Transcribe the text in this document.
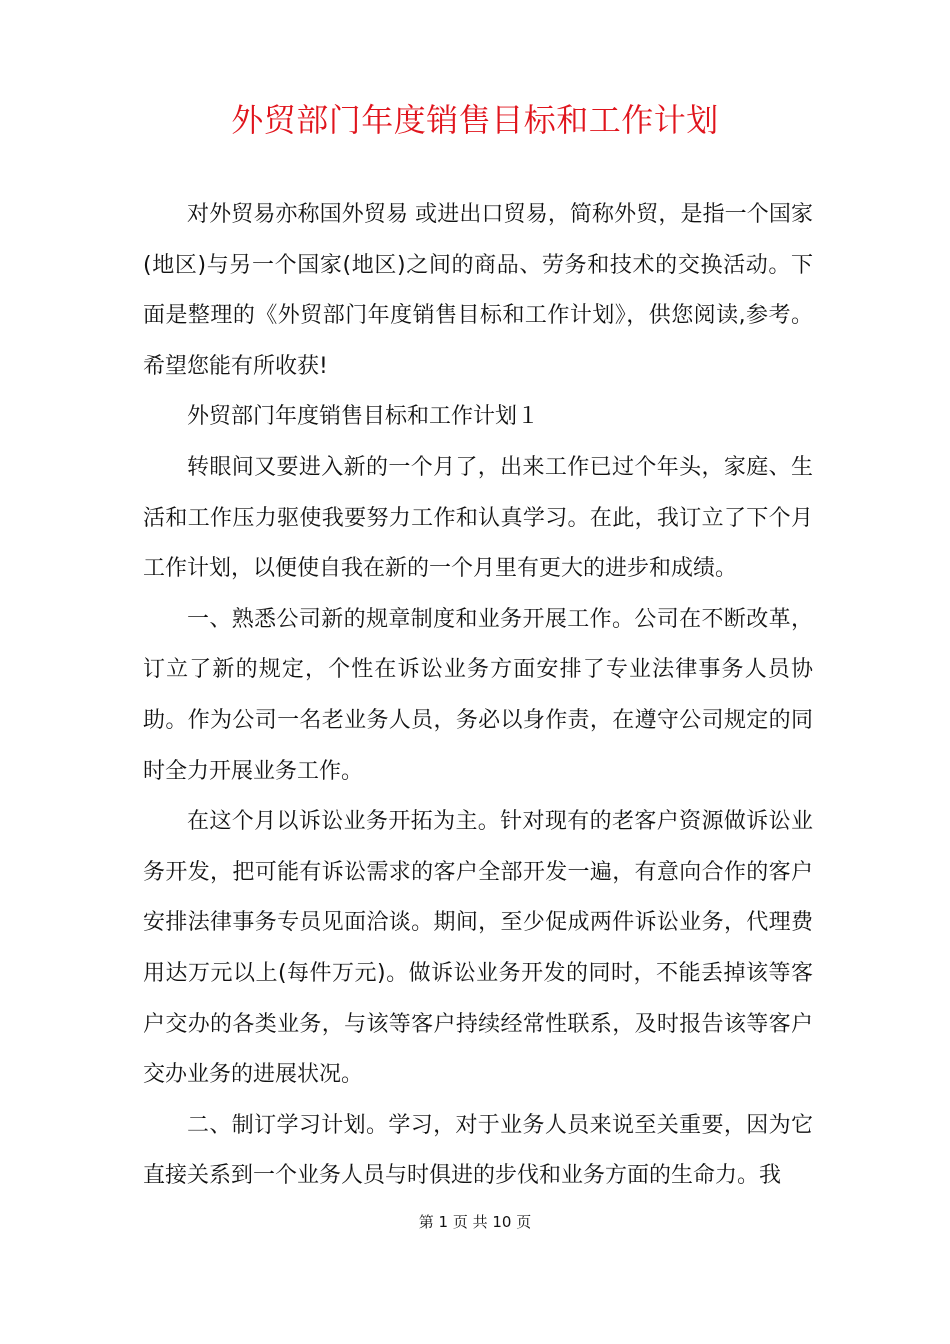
外贸部门年度销售目标和工作计划

对外贸易亦称国外贸易 或进出口贸易，简称外贸，是指一个国家(地区)与另一个国家(地区)之间的商品、劳务和技术的交换活动。下面是整理的《外贸部门年度销售目标和工作计划》，供您阅读,参考。希望您能有所收获!

外贸部门年度销售目标和工作计划１

转眼间又要进入新的一个月了，出来工作已过个年头，家庭、生活和工作压力驱使我要努力工作和认真学习。在此，我订立了下个月工作计划，以便使自我在新的一个月里有更大的进步和成绩。

一、熟悉公司新的规章制度和业务开展工作。公司在不断改革，订立了新的规定，个性在诉讼业务方面安排了专业法律事务人员协助。作为公司一名老业务人员，务必以身作责，在遵守公司规定的同时全力开展业务工作。

在这个月以诉讼业务开拓为主。针对现有的老客户资源做诉讼业务开发，把可能有诉讼需求的客户全部开发一遍，有意向合作的客户安排法律事务专员见面洽谈。期间，至少促成两件诉讼业务，代理费用达万元以上(每件万元)。做诉讼业务开发的同时，不能丢掉该等客户交办的各类业务，与该等客户持续经常性联系，及时报告该等客户交办业务的进展状况。

二、制订学习计划。学习，对于业务人员来说至关重要，因为它直接关系到一个业务人员与时俱进的步伐和业务方面的生命力。我

第 1 页 共 10 页
